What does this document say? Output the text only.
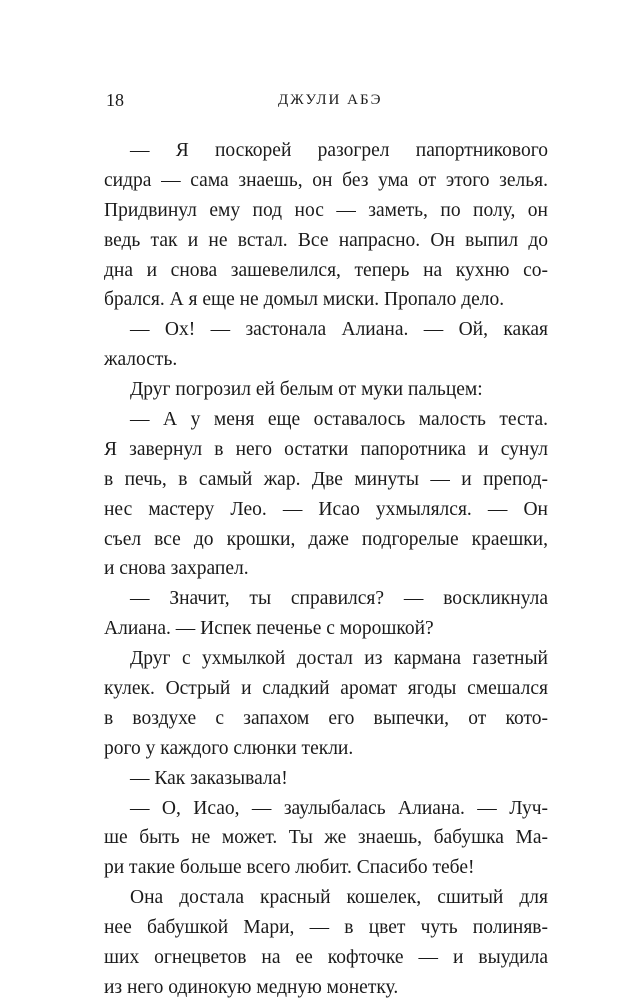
18	ДЖУЛИ АБЭ
— Я поскорей разогрел папортникового
сидра — сама знаешь, он без ума от этого зелья.
Придвинул ему под нос — заметь, по полу, он
ведь так и не встал. Все напрасно. Он выпил до
дна и снова зашевелился, теперь на кухню со-
брался. А я еще не домыл миски. Пропало дело.
— Ох! — застонала Алиана. — Ой, какая
жалость.
Друг погрозил ей белым от муки пальцем:
— А у меня еще оставалось малость теста.
Я завернул в него остатки папоротника и сунул
в печь, в самый жар. Две минуты — и препод-
нес мастеру Лео. — Исао ухмылялся. — Он
съел все до крошки, даже подгорелые краешки,
и снова захрапел.
— Значит, ты справился? — воскликнула
Алиана. — Испек печенье с морошкой?
Друг с ухмылкой достал из кармана газетный
кулек. Острый и сладкий аромат ягоды смешался
в воздухе с запахом его выпечки, от кото-
рого у каждого слюнки текли.
— Как заказывала!
— О, Исао, — заулыбалась Алиана. — Луч-
ше быть не может. Ты же знаешь, бабушка Ма-
ри такие больше всего любит. Спасибо тебе!
Она достала красный кошелек, сшитый для
нее бабушкой Мари, — в цвет чуть полиняв-
ших огнецветов на ее кофточке — и выудила
из него одинокую медную монетку.
